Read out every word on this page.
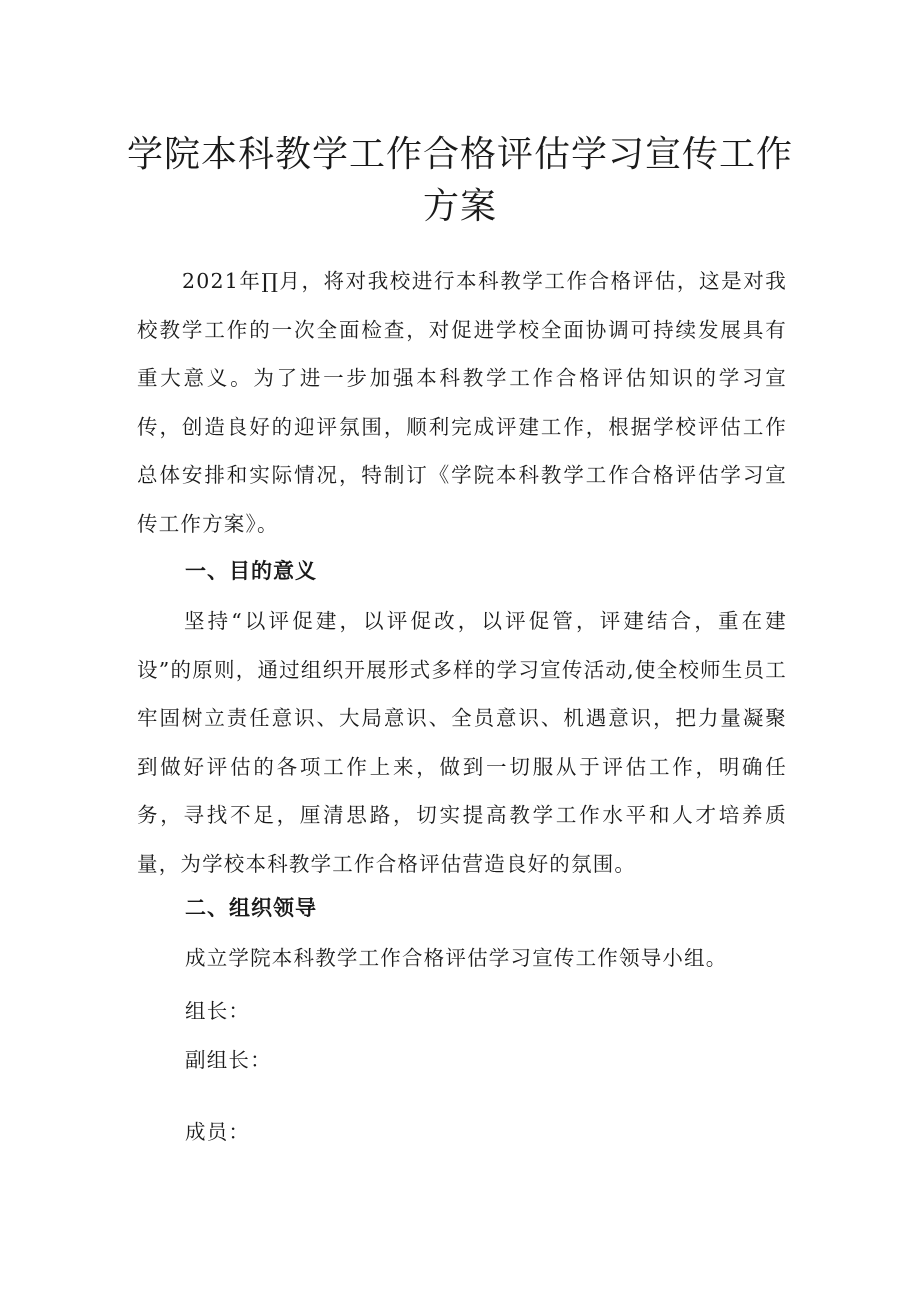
学院本科教学工作合格评估学习宣传工作
方案
2021年∏月，将对我校进行本科教学工作合格评估，这是对我校教学工作的一次全面检查，对促进学校全面协调可持续发展具有重大意义。为了进一步加强本科教学工作合格评估知识的学习宣传，创造良好的迎评氛围，顺利完成评建工作，根据学校评估工作总体安排和实际情况，特制订《学院本科教学工作合格评估学习宣传工作方案》。
一、目的意义
坚持“以评促建，以评促改，以评促管，评建结合，重在建设”的原则，通过组织开展形式多样的学习宣传活动,使全校师生员工牢固树立责任意识、大局意识、全员意识、机遇意识，把力量凝聚到做好评估的各项工作上来，做到一切服从于评估工作，明确任务，寻找不足，厘清思路，切实提高教学工作水平和人才培养质量，为学校本科教学工作合格评估营造良好的氛围。
二、组织领导
成立学院本科教学工作合格评估学习宣传工作领导小组。
组长：
副组长：
成员：
